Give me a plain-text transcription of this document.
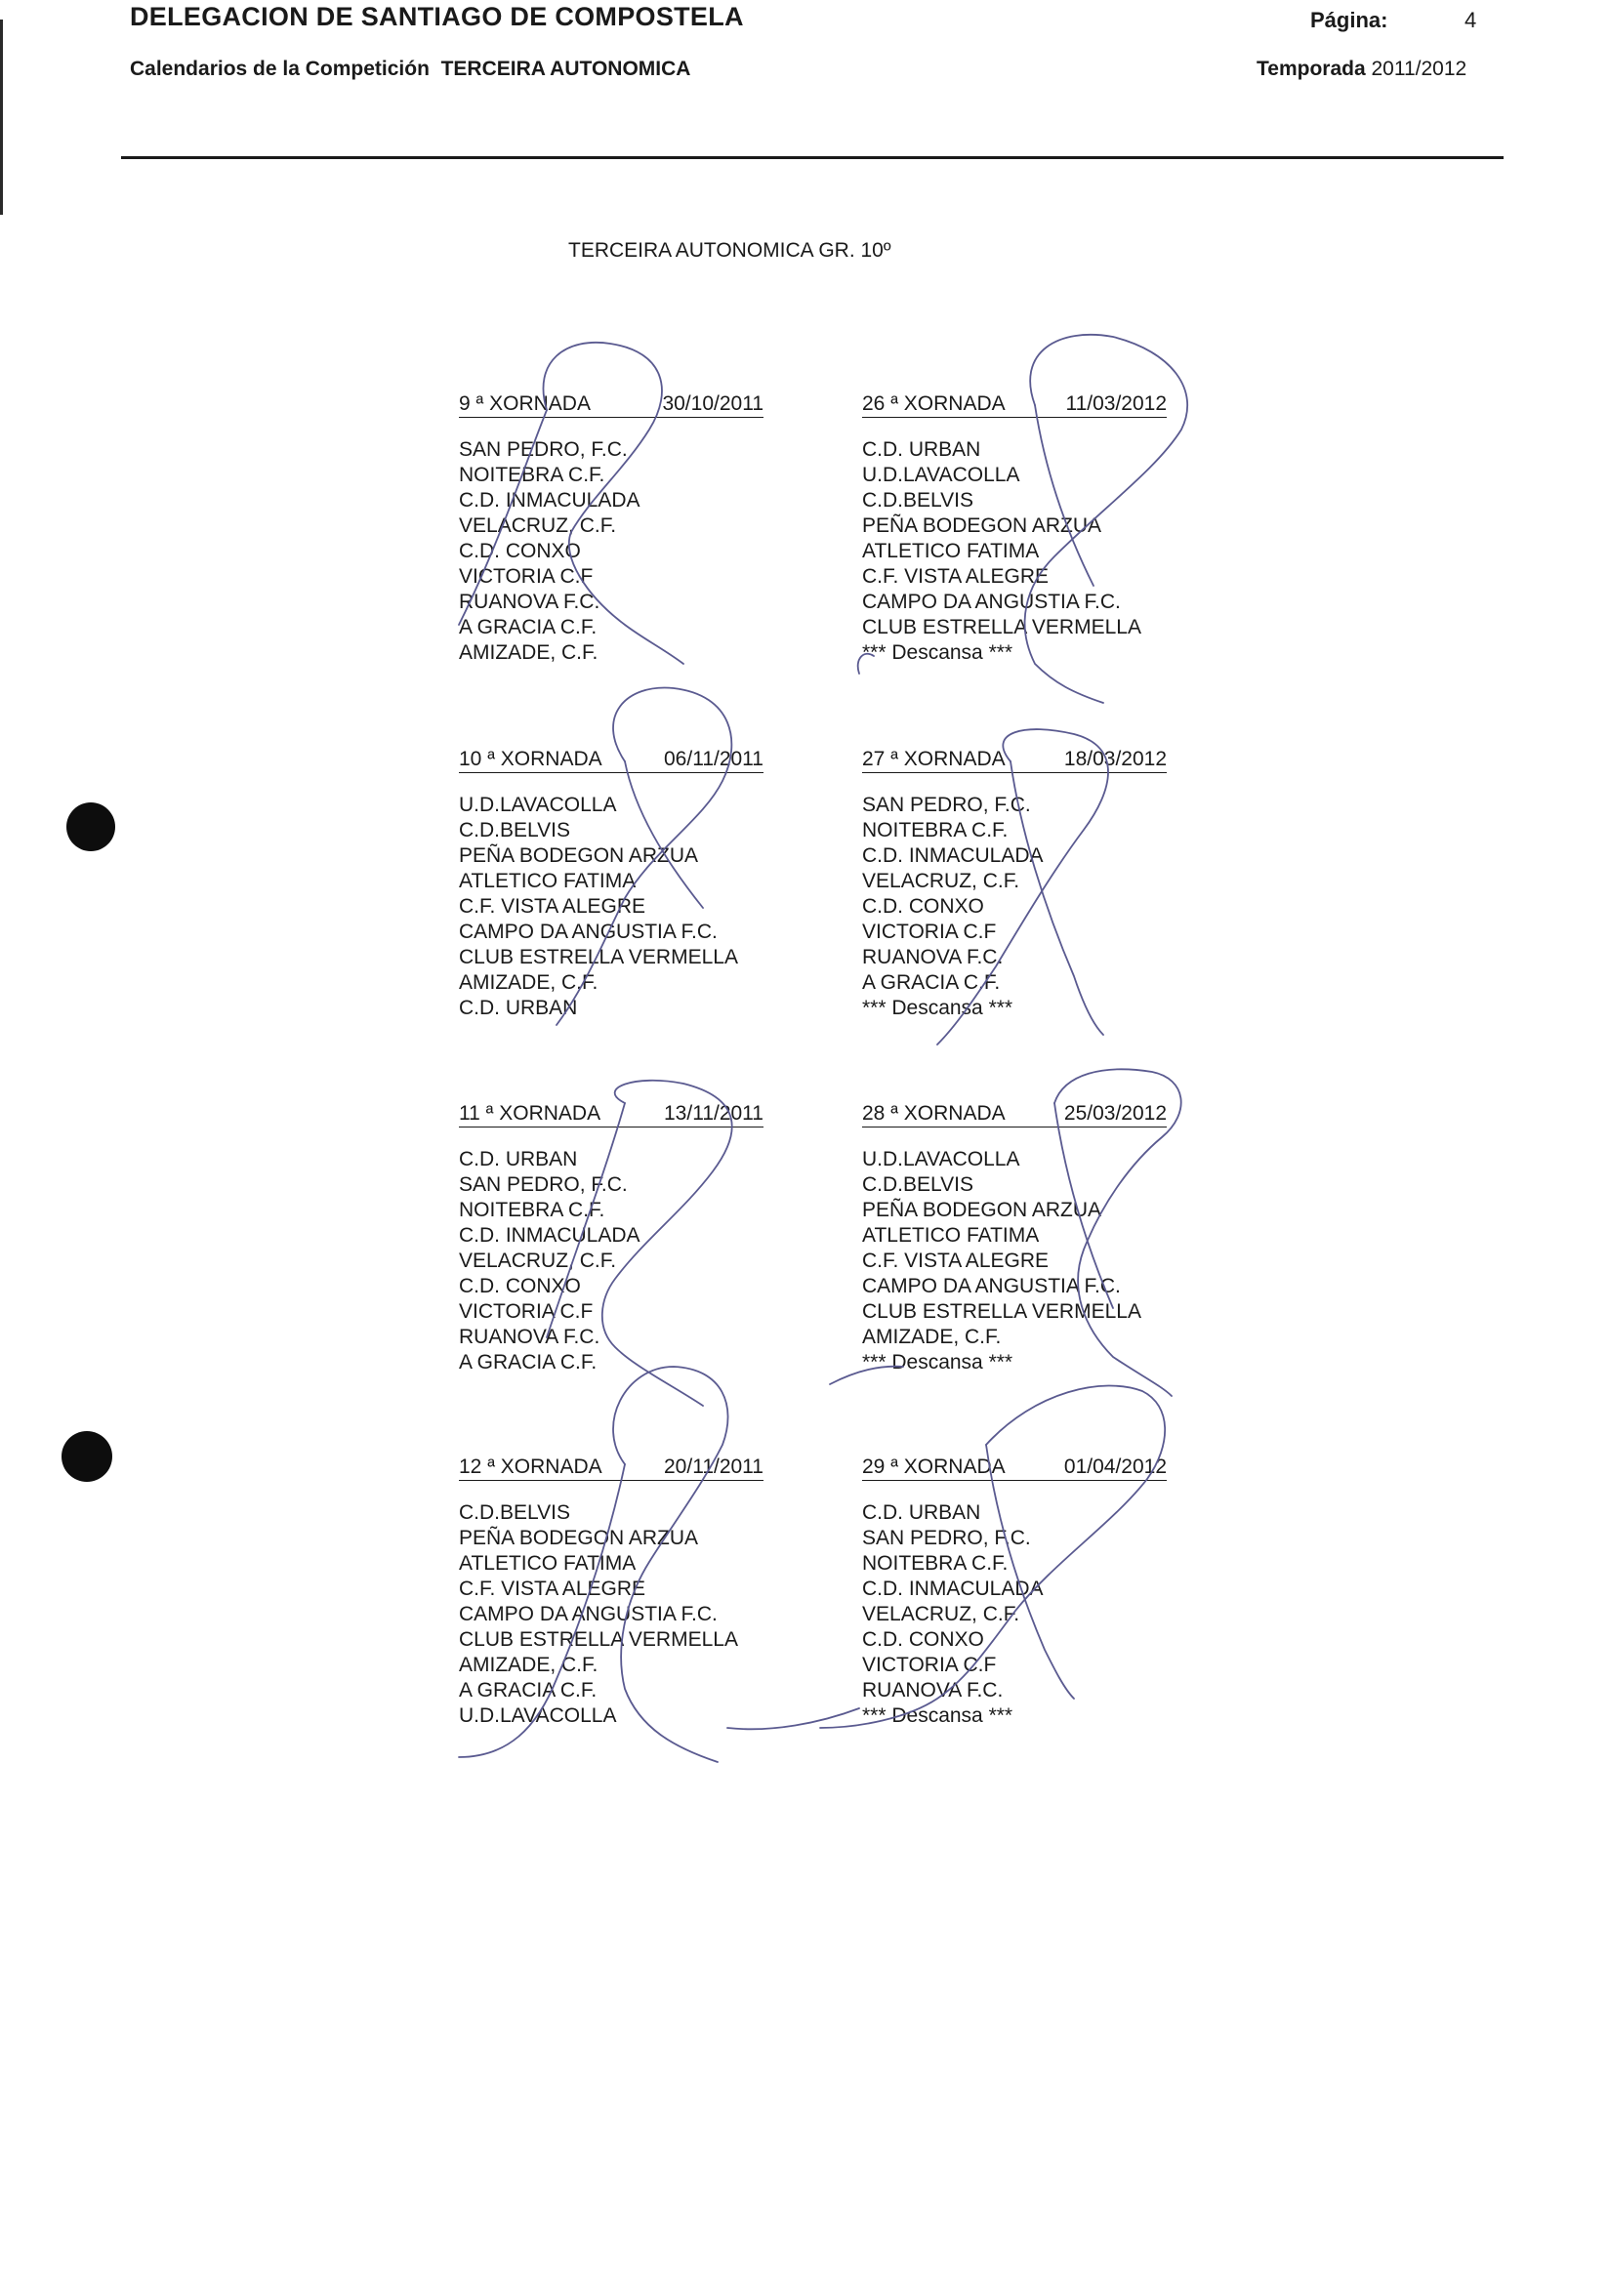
DELEGACION DE SANTIAGO DE COMPOSTELA	Página:	4
Calendarios de la Competición  TERCEIRA AUTONOMICA	Temporada 2011/2012
TERCEIRA AUTONOMICA GR. 10º
9 ª XORNADA	30/10/2011
SAN PEDRO, F.C.
NOITEBRA C.F.
C.D. INMACULADA
VELACRUZ, C.F.
C.D. CONXO
VICTORIA C.F
RUANOVA F.C.
A GRACIA C.F.
AMIZADE, C.F.
26 ª XORNADA	11/03/2012
C.D. URBAN
U.D.LAVACOLLA
C.D.BELVIS
PEÑA BODEGON ARZUA
ATLETICO FATIMA
C.F. VISTA ALEGRE
CAMPO DA ANGUSTIA F.C.
CLUB ESTRELLA VERMELLA
*** Descansa ***
10 ª XORNADA	06/11/2011
U.D.LAVACOLLA
C.D.BELVIS
PEÑA BODEGON ARZUA
ATLETICO FATIMA
C.F. VISTA ALEGRE
CAMPO DA ANGUSTIA F.C.
CLUB ESTRELLA VERMELLA
AMIZADE, C.F.
C.D. URBAN
27 ª XORNADA	18/03/2012
SAN PEDRO, F.C.
NOITEBRA C.F.
C.D. INMACULADA
VELACRUZ, C.F.
C.D. CONXO
VICTORIA C.F
RUANOVA F.C.
A GRACIA C.F.
*** Descansa ***
11 ª XORNADA	13/11/2011
C.D. URBAN
SAN PEDRO, F.C.
NOITEBRA C.F.
C.D. INMACULADA
VELACRUZ, C.F.
C.D. CONXO
VICTORIA C.F
RUANOVA F.C.
A GRACIA C.F.
28 ª XORNADA	25/03/2012
U.D.LAVACOLLA
C.D.BELVIS
PEÑA BODEGON ARZUA
ATLETICO FATIMA
C.F. VISTA ALEGRE
CAMPO DA ANGUSTIA F.C.
CLUB ESTRELLA VERMELLA
AMIZADE, C.F.
*** Descansa ***
12 ª XORNADA	20/11/2011
C.D.BELVIS
PEÑA BODEGON ARZUA
ATLETICO FATIMA
C.F. VISTA ALEGRE
CAMPO DA ANGUSTIA F.C.
CLUB ESTRELLA VERMELLA
AMIZADE, C.F.
A GRACIA C.F.
U.D.LAVACOLLA
29 ª XORNADA	01/04/2012
C.D. URBAN
SAN PEDRO, F.C.
NOITEBRA C.F.
C.D. INMACULADA
VELACRUZ, C.F.
C.D. CONXO
VICTORIA C.F
RUANOVA F.C.
*** Descansa ***
